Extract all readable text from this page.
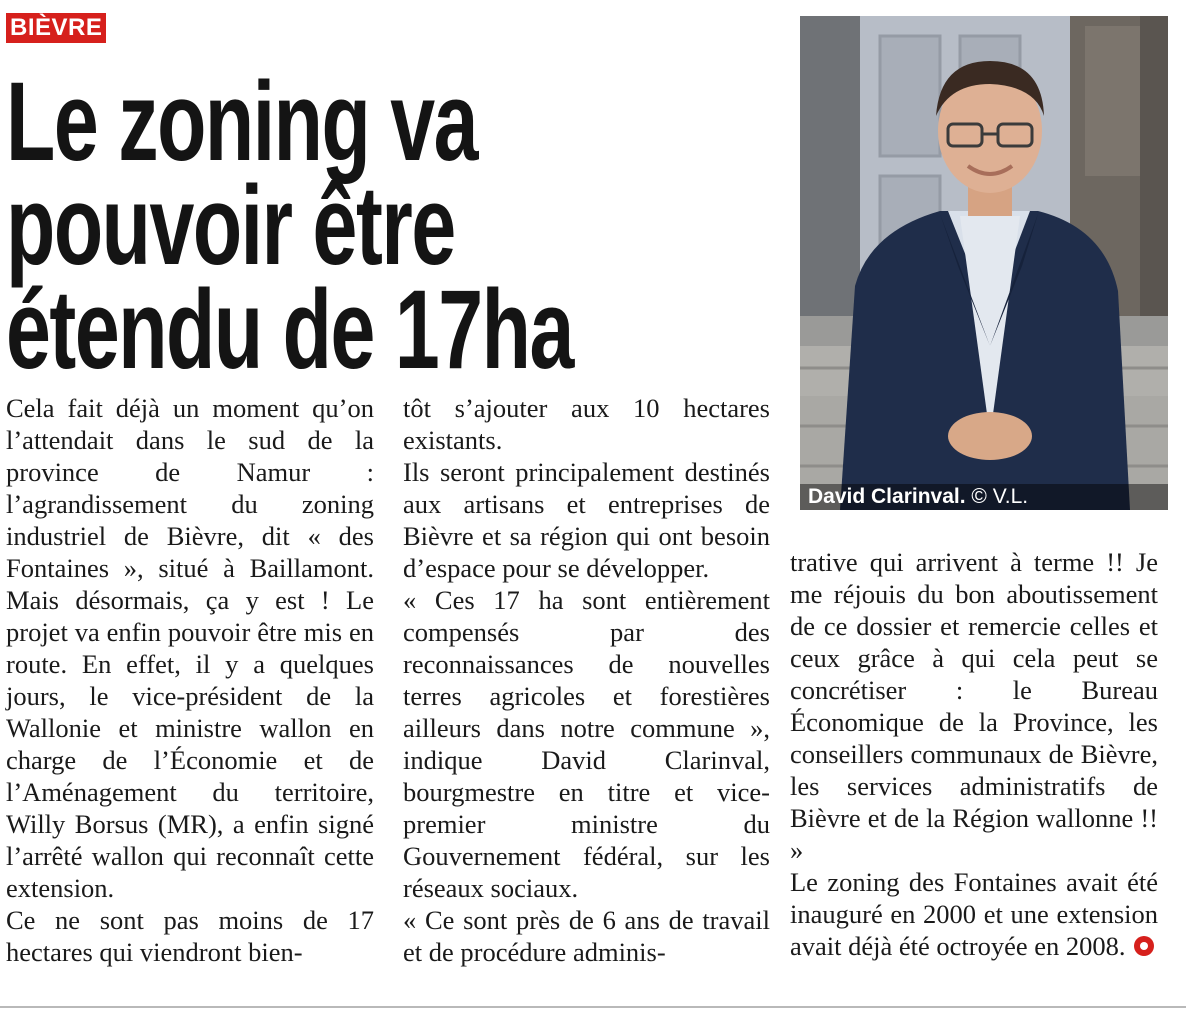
BIÈVRE
Le zoning va
pouvoir être
étendu de 17ha
David Clarinval. © V.L.

Cela fait déjà un moment qu’on l’attendait dans le sud de la province de Namur : l’agrandissement du zoning industriel de Bièvre, dit « des Fontaines », situé à Baillamont. Mais désormais, ça y est ! Le projet va enfin pouvoir être mis en route. En effet, il y a quelques jours, le vice-président de la Wallonie et ministre wallon en charge de l’Économie et de l’Aménagement du territoire, Willy Borsus (MR), a enfin signé l’arrêté wallon qui reconnaît cette extension.

Ce ne sont pas moins de 17 hectares qui viendront bien-

tôt s’ajouter aux 10 hectares existants.

Ils seront principalement destinés aux artisans et entreprises de Bièvre et sa région qui ont besoin d’espace pour se développer.

« Ces 17 ha sont entièrement compensés par des reconnaissances de nouvelles terres agricoles et forestières ailleurs dans notre commune », indique David Clarinval, bourgmestre en titre et vice-premier ministre du Gouvernement fédéral, sur les réseaux sociaux.

« Ce sont près de 6 ans de travail et de procédure adminis-

trative qui arrivent à terme !! Je me réjouis du bon aboutissement de ce dossier et remercie celles et ceux grâce à qui cela peut se concrétiser : le Bureau Économique de la Province, les conseillers communaux de Bièvre, les services administratifs de Bièvre et de la Région wallonne !! »

Le zoning des Fontaines avait été inauguré en 2000 et une extension avait déjà été octroyée en 2008.
